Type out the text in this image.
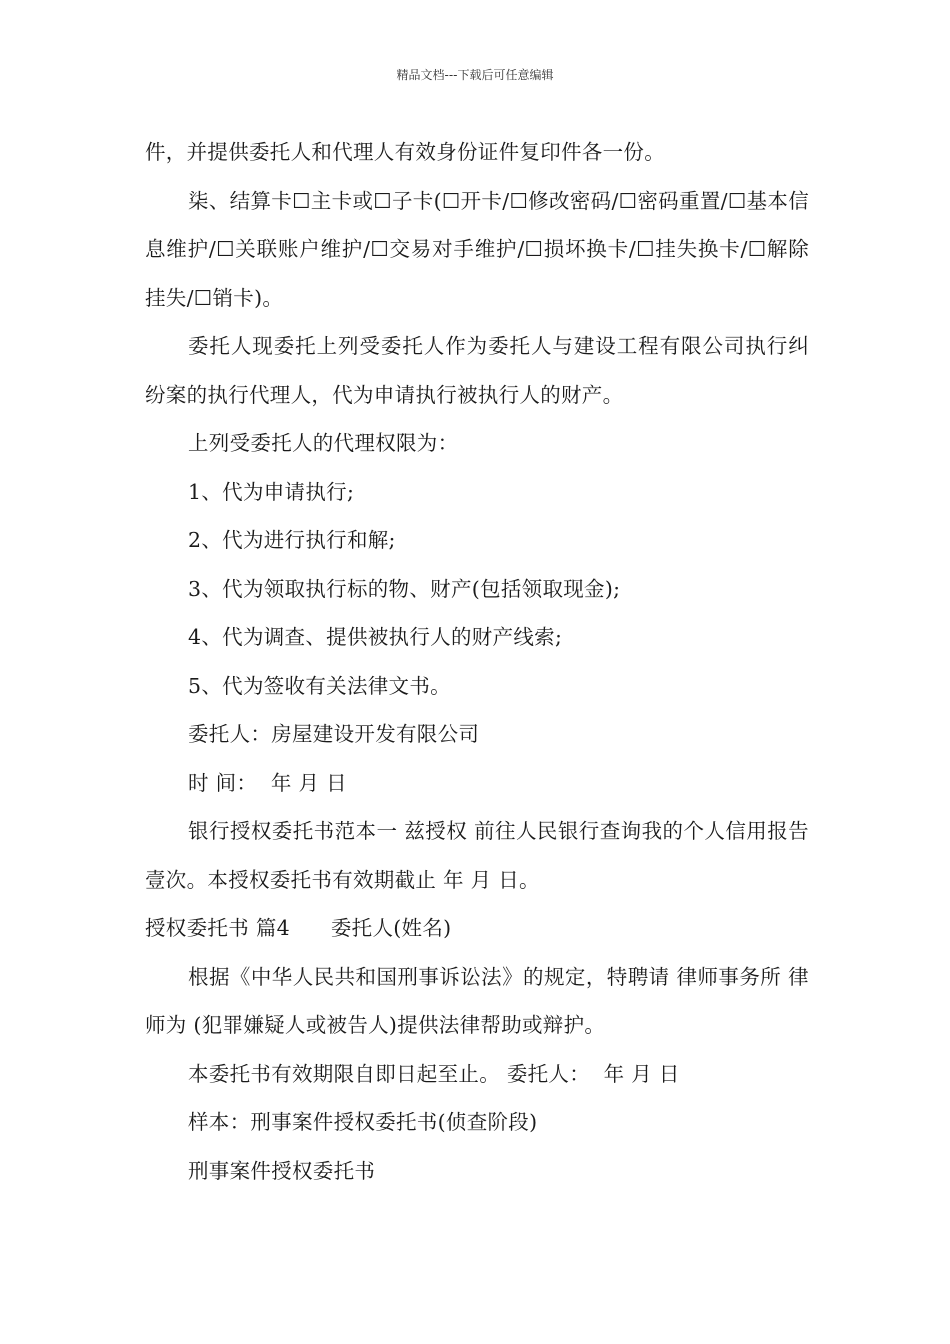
精品文档---下载后可任意编辑

件，并提供委托人和代理人有效身份证件复印件各一份。

柒、结算卡☐主卡或☐子卡(☐开卡/☐修改密码/☐密码重置/☐基本信息维护/☐关联账户维护/☐交易对手维护/☐损坏换卡/☐挂失换卡/☐解除挂失/☐销卡)。

委托人现委托上列受委托人作为委托人与建设工程有限公司执行纠纷案的执行代理人，代为申请执行被执行人的财产。

上列受委托人的代理权限为：

1、代为申请执行;

2、代为进行执行和解;

3、代为领取执行标的物、财产(包括领取现金);

4、代为调查、提供被执行人的财产线索;

5、代为签收有关法律文书。

委托人：房屋建设开发有限公司

时 间：  年 月 日

银行授权委托书范本一 兹授权 前往人民银行查询我的个人信用报告壹次。本授权委托书有效期截止 年 月 日。

授权委托书 篇4      委托人(姓名)

根据《中华人民共和国刑事诉讼法》的规定，特聘请 律师事务所 律师为 (犯罪嫌疑人或被告人)提供法律帮助或辩护。

本委托书有效期限自即日起至止。 委托人：  年 月 日

样本：刑事案件授权委托书(侦查阶段)

刑事案件授权委托书
